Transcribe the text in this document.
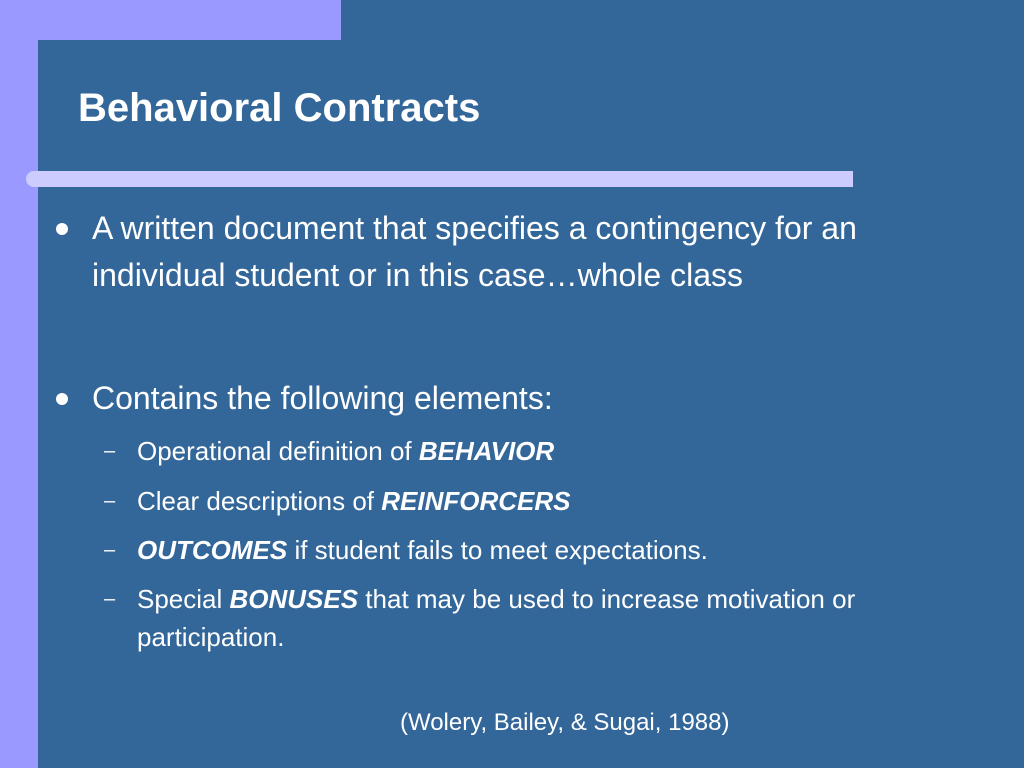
Behavioral Contracts
A written document that specifies a contingency for an individual student or in this case…whole class
Contains the following elements:
– Operational definition of BEHAVIOR
– Clear descriptions of REINFORCERS
– OUTCOMES if student fails to meet expectations.
– Special BONUSES that may be used to increase motivation or participation.
(Wolery, Bailey, & Sugai, 1988)
